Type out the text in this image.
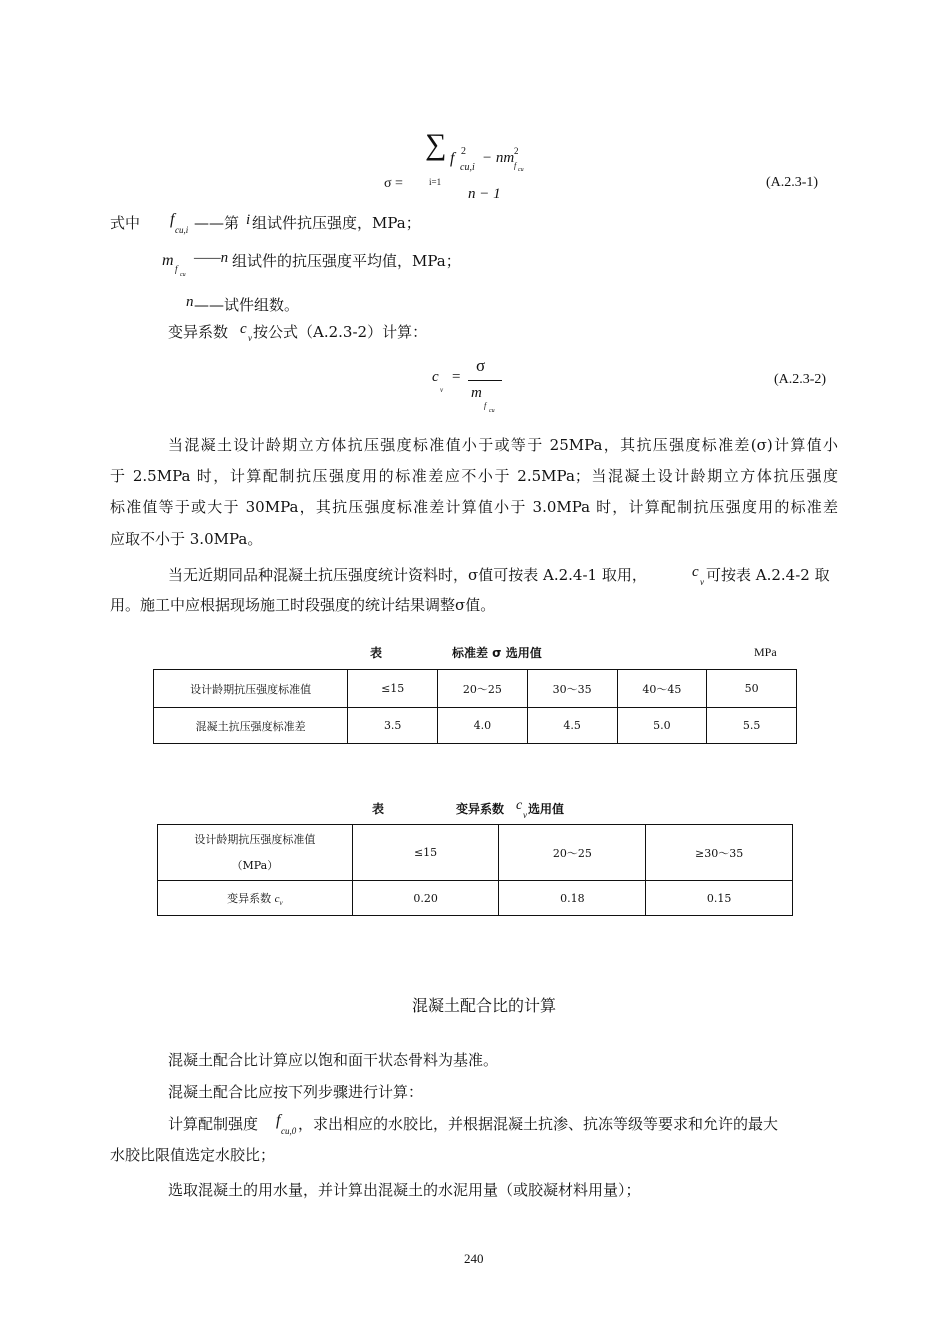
∑ f 2
cu,i
− nm 2
f cu
σ =	i=1
n − 1
(A.2.3-1)
式中 f
cu,i ——第 i 组试件抗压强度，MPa；
m f
cu
——n 组试件的抗压强度平均值，MPa；
n ——试件组数。
变异系数 c
v 按公式（A.2.3-2）计算：
c
v
=
σ
m
f
cu
(A.2.3-2)
当混凝土设计龄期立方体抗压强度标准值小于或等于 25MPa，其抗压强度标准差(σ)计算值小
于 2.5MPa 时，计算配制抗压强度用的标准差应不小于 2.5MPa；当混凝土设计龄期立方体抗压强度
标准值等于或大于 30MPa，其抗压强度标准差计算值小于 3.0MPa 时，计算配制抗压强度用的标准差
应取不小于 3.0MPa。
当无近期同品种混凝土抗压强度统计资料时，σ值可按表 A.2.4-1 取用，	c
v 可按表 A.2.4-2 取
用。施工中应根据现场施工时段强度的统计结果调整σ值。
表	标准差 σ 选用值	MPa
设计龄期抗压强度标准值	≤15	20～25	30～35	40～45	50
混凝土抗压强度标准差	3.5	4.0	4.5	5.0	5.5
表	变异系数 c
v 选用值
设计龄期抗压强度标准值
（MPa）	≤15	20～25	≥30～35
变异系数 $c_v$	0.20	0.18	0.15
混凝土配合比的计算
混凝土配合比计算应以饱和面干状态骨料为基准。
混凝土配合比应按下列步骤进行计算：
计算配制强度 f
cu,0 ，求出相应的水胶比，并根据混凝土抗渗、抗冻等级等要求和允许的最大
水胶比限值选定水胶比；
选取混凝土的用水量，并计算出混凝土的水泥用量（或胶凝材料用量）；
240
